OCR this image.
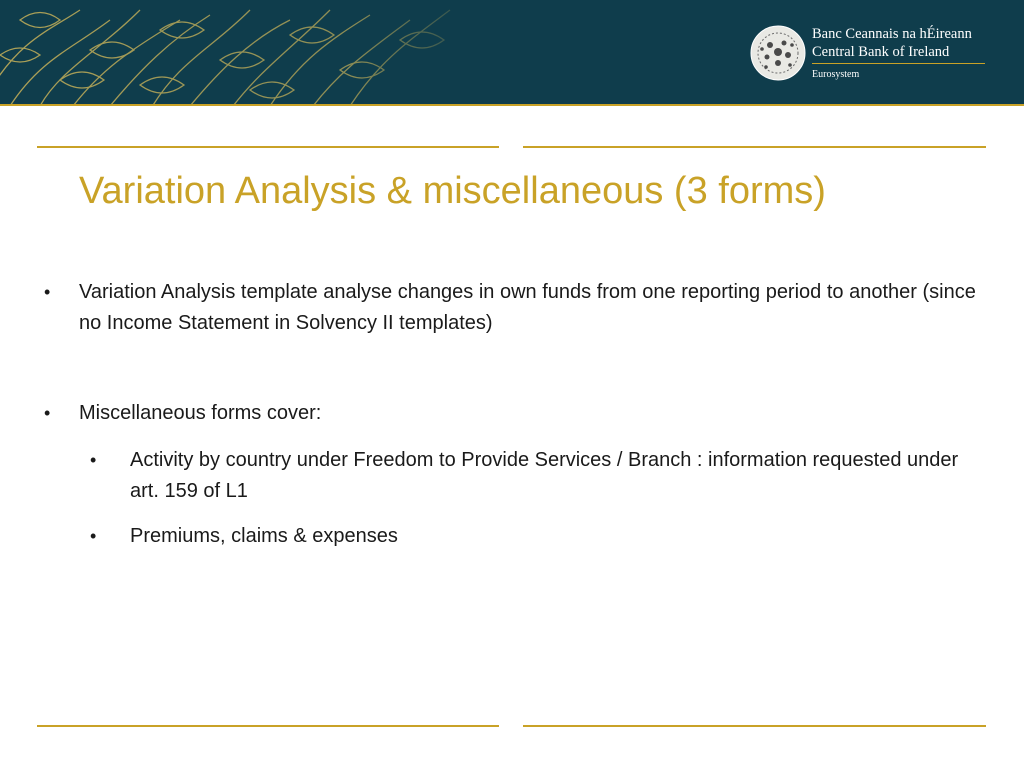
Banc Ceannais na hÉireann
Central Bank of Ireland
Eurosystem
Variation Analysis & miscellaneous (3 forms)
• Variation Analysis template analyse changes in own funds from one reporting period to another (since no Income Statement in Solvency II templates)
• Miscellaneous forms cover:
• Activity by country under Freedom to Provide Services / Branch : information requested under art. 159 of L1
• Premiums, claims & expenses
